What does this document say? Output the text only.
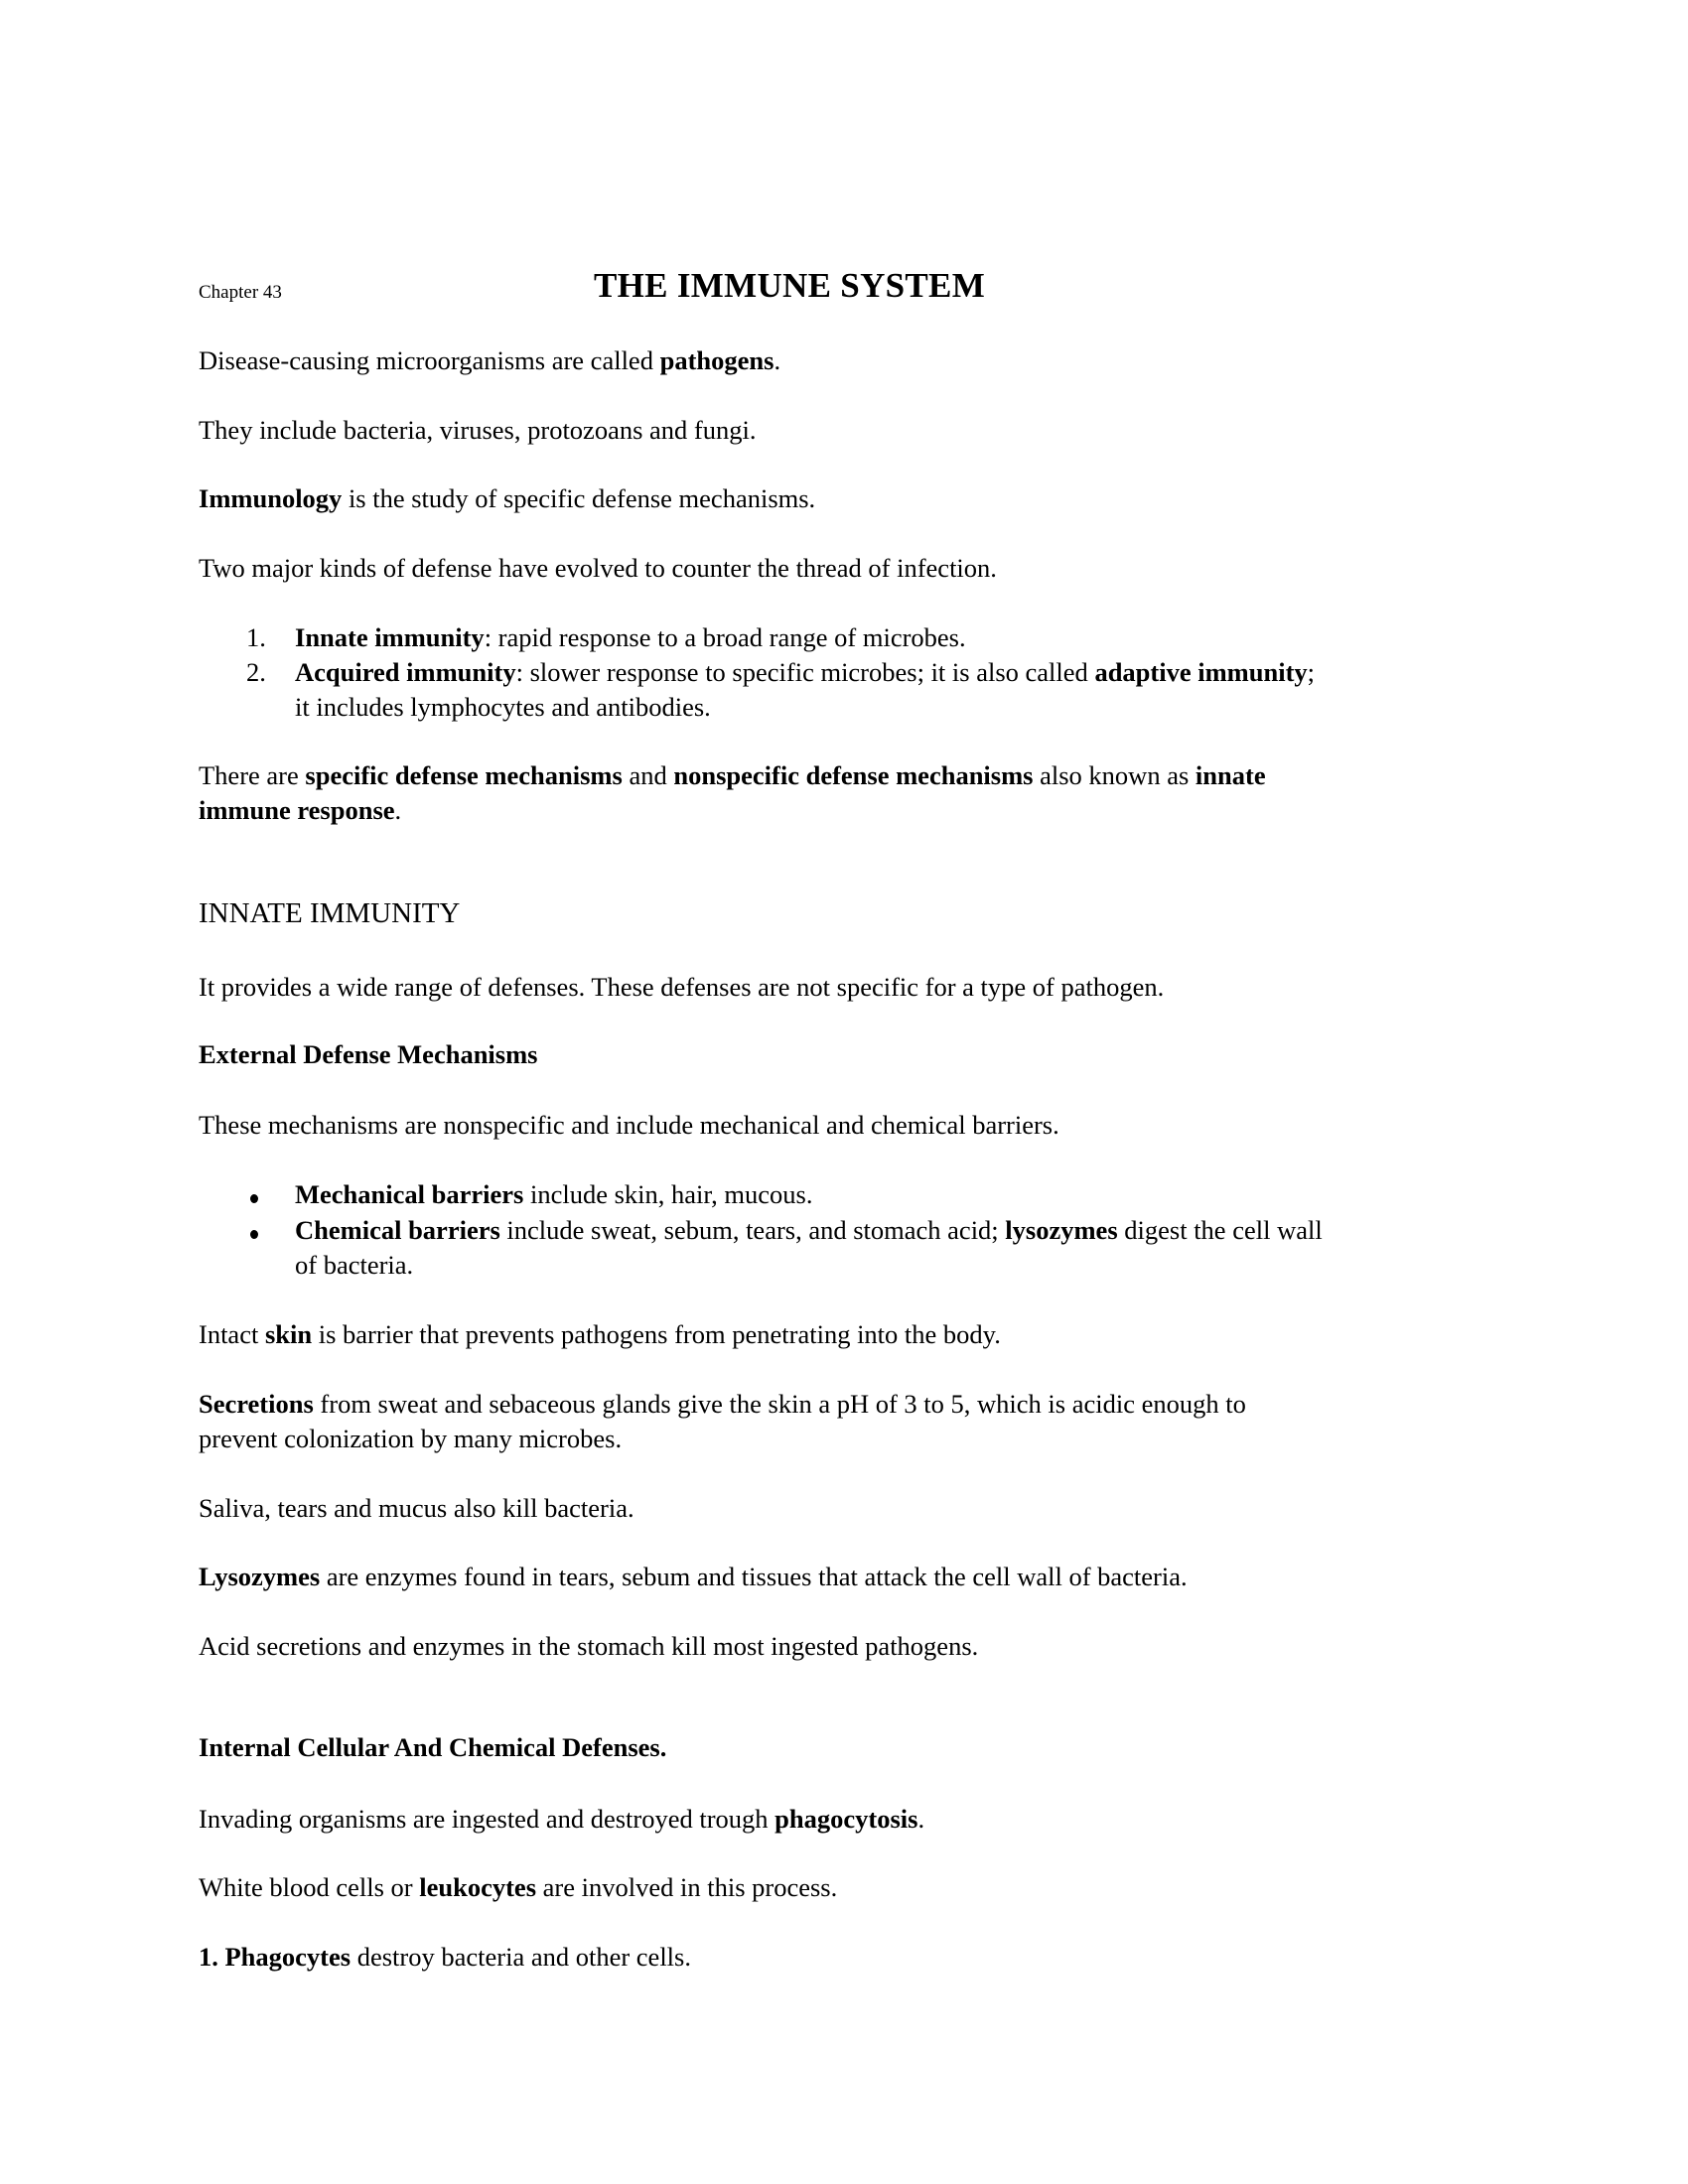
Chapter 43	THE IMMUNE SYSTEM
Disease-causing microorganisms are called pathogens.
They include bacteria, viruses, protozoans and fungi.
Immunology is the study of specific defense mechanisms.
Two major kinds of defense have evolved to counter the thread of infection.
1. Innate immunity: rapid response to a broad range of microbes.
2. Acquired immunity: slower response to specific microbes; it is also called adaptive immunity;
it includes lymphocytes and antibodies.
There are specific defense mechanisms and nonspecific defense mechanisms also known as innate
immune response.
INNATE IMMUNITY
It provides a wide range of defenses. These defenses are not specific for a type of pathogen.
External Defense Mechanisms
These mechanisms are nonspecific and include mechanical and chemical barriers.
Mechanical barriers include skin, hair, mucous.
Chemical barriers include sweat, sebum, tears, and stomach acid; lysozymes digest the cell wall
of bacteria.
Intact skin is barrier that prevents pathogens from penetrating into the body.
Secretions from sweat and sebaceous glands give the skin a pH of 3 to 5, which is acidic enough to
prevent colonization by many microbes.
Saliva, tears and mucus also kill bacteria.
Lysozymes are enzymes found in tears, sebum and tissues that attack the cell wall of bacteria.
Acid secretions and enzymes in the stomach kill most ingested pathogens.
Internal Cellular And Chemical Defenses.
Invading organisms are ingested and destroyed trough phagocytosis.
White blood cells or leukocytes are involved in this process.
1. Phagocytes destroy bacteria and other cells.
